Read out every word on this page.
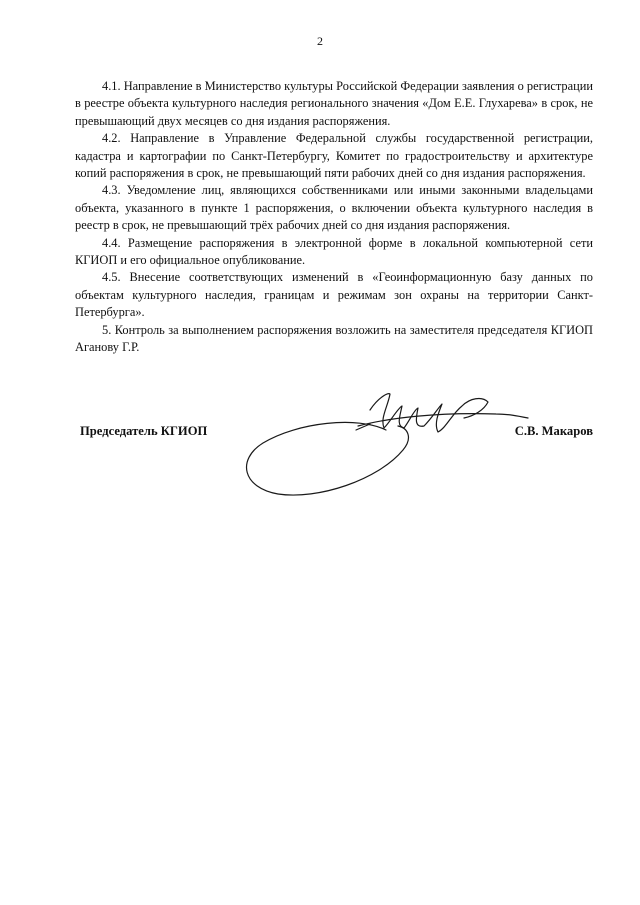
2

4.1. Направление в Министерство культуры Российской Федерации заявления о регистрации в реестре объекта культурного наследия регионального значения «Дом Е.Е. Глухарева» в срок, не превышающий двух месяцев со дня издания распоряжения.

4.2. Направление в Управление Федеральной службы государственной регистрации, кадастра и картографии по Санкт-Петербургу, Комитет по градостроительству и архитектуре копий распоряжения в срок, не превышающий пяти рабочих дней со дня издания распоряжения.

4.3. Уведомление лиц, являющихся собственниками или иными законными владельцами объекта, указанного в пункте 1 распоряжения, о включении объекта культурного наследия в реестр в срок, не превышающий трёх рабочих дней со дня издания распоряжения.

4.4. Размещение распоряжения в электронной форме в локальной компьютерной сети КГИОП и его официальное опубликование.

4.5. Внесение соответствующих изменений в «Геоинформационную базу данных по объектам культурного наследия, границам и режимам зон охраны на территории Санкт-Петербурга».

5. Контроль за выполнением распоряжения возложить на заместителя председателя КГИОП Аганову Г.Р.

Председатель КГИОП	С.В. Макаров
